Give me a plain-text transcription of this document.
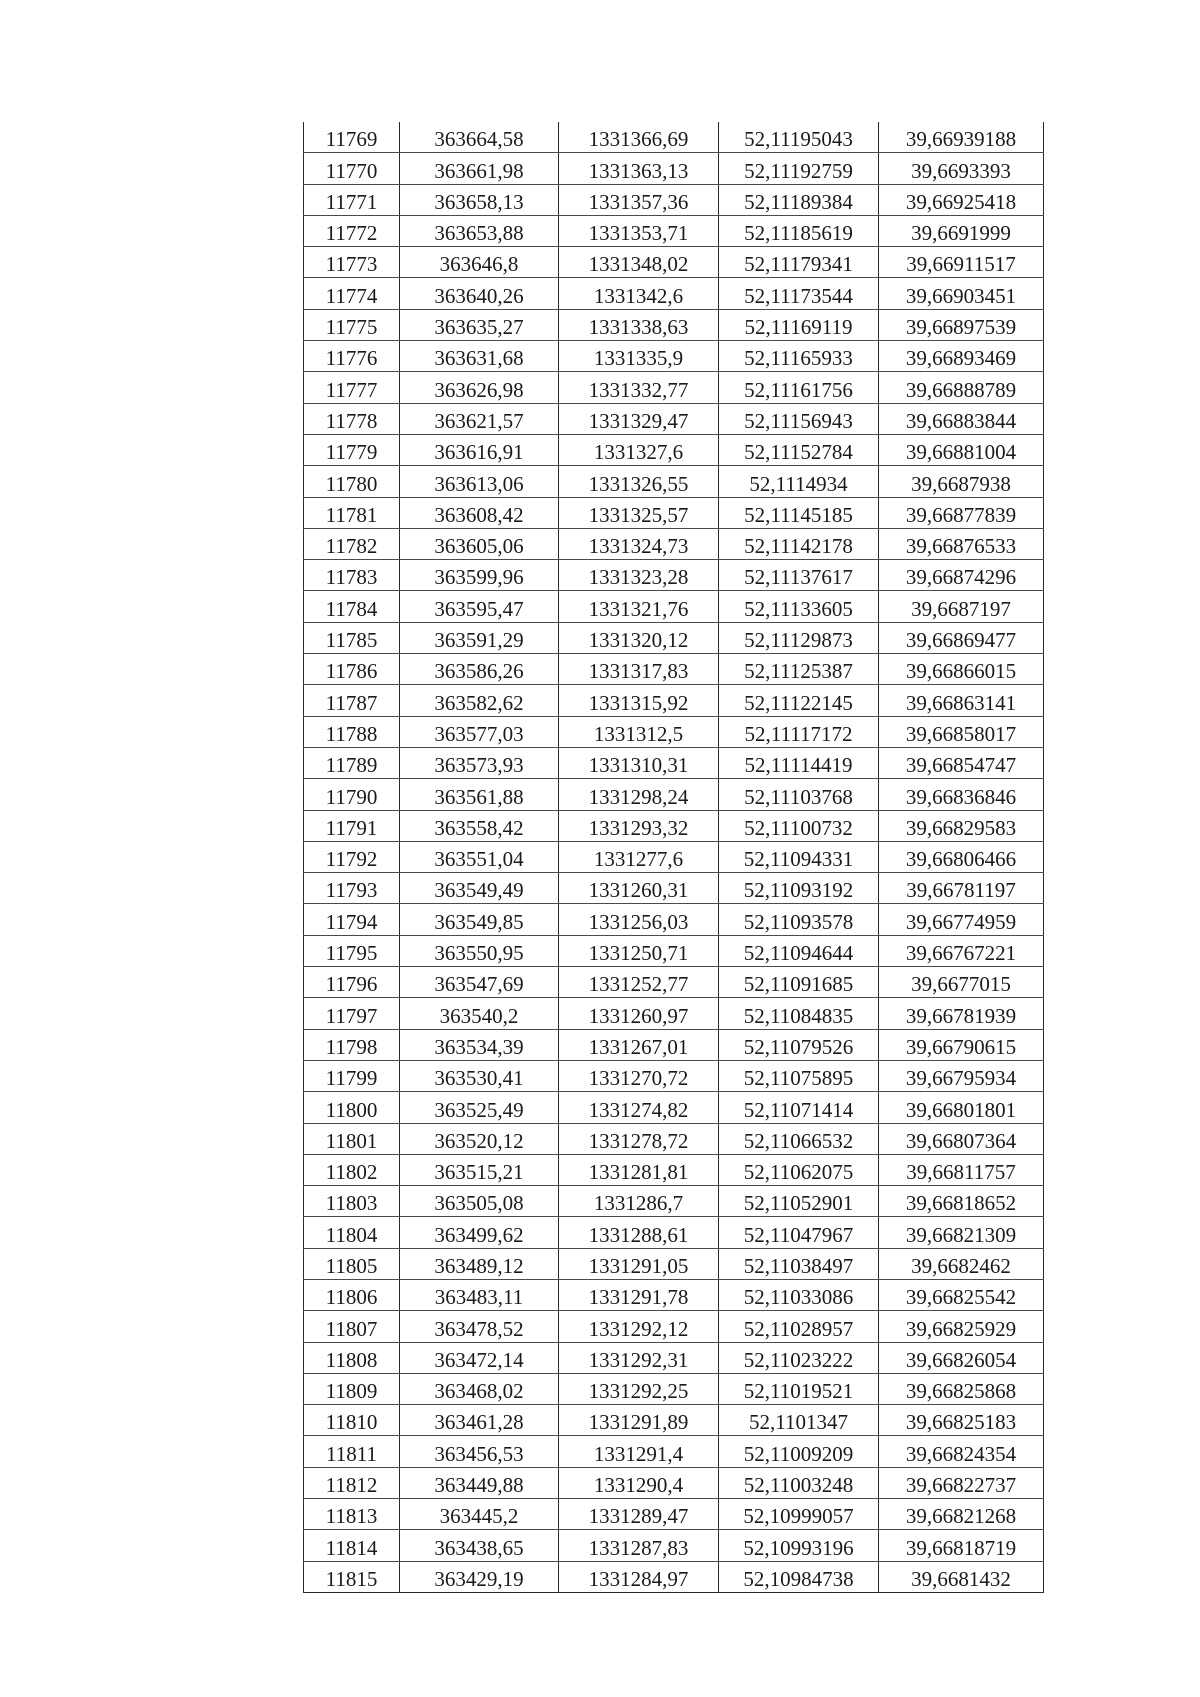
11769	363664,58	1331366,69	52,11195043	39,66939188
11770	363661,98	1331363,13	52,11192759	39,6693393
11771	363658,13	1331357,36	52,11189384	39,66925418
11772	363653,88	1331353,71	52,11185619	39,6691999
11773	363646,8	1331348,02	52,11179341	39,66911517
11774	363640,26	1331342,6	52,11173544	39,66903451
11775	363635,27	1331338,63	52,11169119	39,66897539
11776	363631,68	1331335,9	52,11165933	39,66893469
11777	363626,98	1331332,77	52,11161756	39,66888789
11778	363621,57	1331329,47	52,11156943	39,66883844
11779	363616,91	1331327,6	52,11152784	39,66881004
11780	363613,06	1331326,55	52,1114934	39,6687938
11781	363608,42	1331325,57	52,11145185	39,66877839
11782	363605,06	1331324,73	52,11142178	39,66876533
11783	363599,96	1331323,28	52,11137617	39,66874296
11784	363595,47	1331321,76	52,11133605	39,6687197
11785	363591,29	1331320,12	52,11129873	39,66869477
11786	363586,26	1331317,83	52,11125387	39,66866015
11787	363582,62	1331315,92	52,11122145	39,66863141
11788	363577,03	1331312,5	52,11117172	39,66858017
11789	363573,93	1331310,31	52,11114419	39,66854747
11790	363561,88	1331298,24	52,11103768	39,66836846
11791	363558,42	1331293,32	52,11100732	39,66829583
11792	363551,04	1331277,6	52,11094331	39,66806466
11793	363549,49	1331260,31	52,11093192	39,66781197
11794	363549,85	1331256,03	52,11093578	39,66774959
11795	363550,95	1331250,71	52,11094644	39,66767221
11796	363547,69	1331252,77	52,11091685	39,6677015
11797	363540,2	1331260,97	52,11084835	39,66781939
11798	363534,39	1331267,01	52,11079526	39,66790615
11799	363530,41	1331270,72	52,11075895	39,66795934
11800	363525,49	1331274,82	52,11071414	39,66801801
11801	363520,12	1331278,72	52,11066532	39,66807364
11802	363515,21	1331281,81	52,11062075	39,66811757
11803	363505,08	1331286,7	52,11052901	39,66818652
11804	363499,62	1331288,61	52,11047967	39,66821309
11805	363489,12	1331291,05	52,11038497	39,6682462
11806	363483,11	1331291,78	52,11033086	39,66825542
11807	363478,52	1331292,12	52,11028957	39,66825929
11808	363472,14	1331292,31	52,11023222	39,66826054
11809	363468,02	1331292,25	52,11019521	39,66825868
11810	363461,28	1331291,89	52,1101347	39,66825183
11811	363456,53	1331291,4	52,11009209	39,66824354
11812	363449,88	1331290,4	52,11003248	39,66822737
11813	363445,2	1331289,47	52,10999057	39,66821268
11814	363438,65	1331287,83	52,10993196	39,66818719
11815	363429,19	1331284,97	52,10984738	39,6681432
